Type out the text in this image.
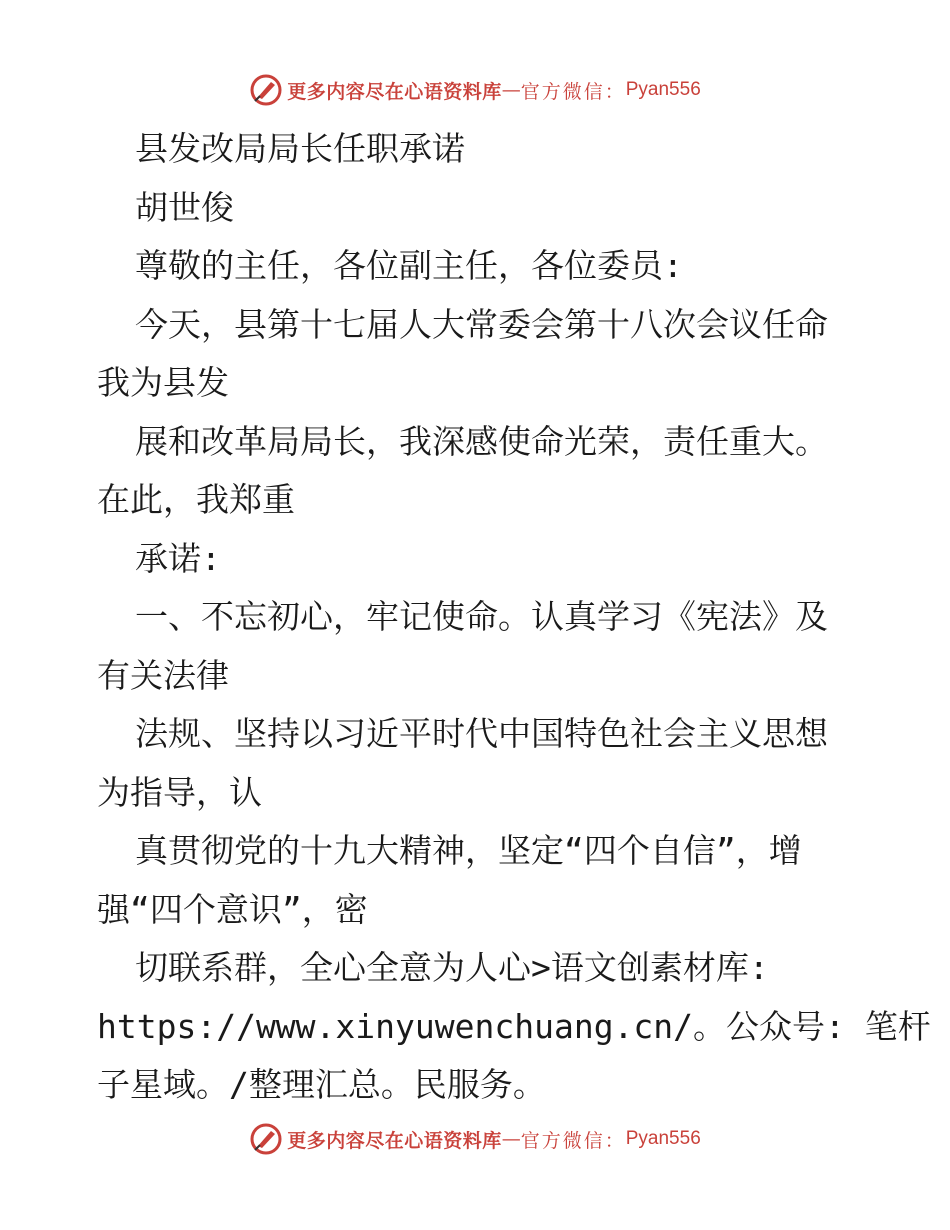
更多内容尽在心语资料库 — 官方微信： Pyan556
县发改局局长任职承诺
胡世俊
尊敬的主任，各位副主任，各位委员:
今天，县第十七届人大常委会第十八次会议任命
我为县发
展和改革局局长，我深感使命光荣，责任重大。
在此，我郑重
承诺:
一、不忘初心，牢记使命。认真学习《宪法》及
有关法律
法规、坚持以习近平时代中国特色社会主义思想
为指导，认
真贯彻党的十九大精神，坚定“四个自信”，增
强“四个意识”，密
切联系群，全心全意为人心>语文创素材库:
https://www.xinyuwenchuang.cn/。公众号: 笔杆
子星域。/整理汇总。民服务。
更多内容尽在心语资料库 — 官方微信： Pyan556
